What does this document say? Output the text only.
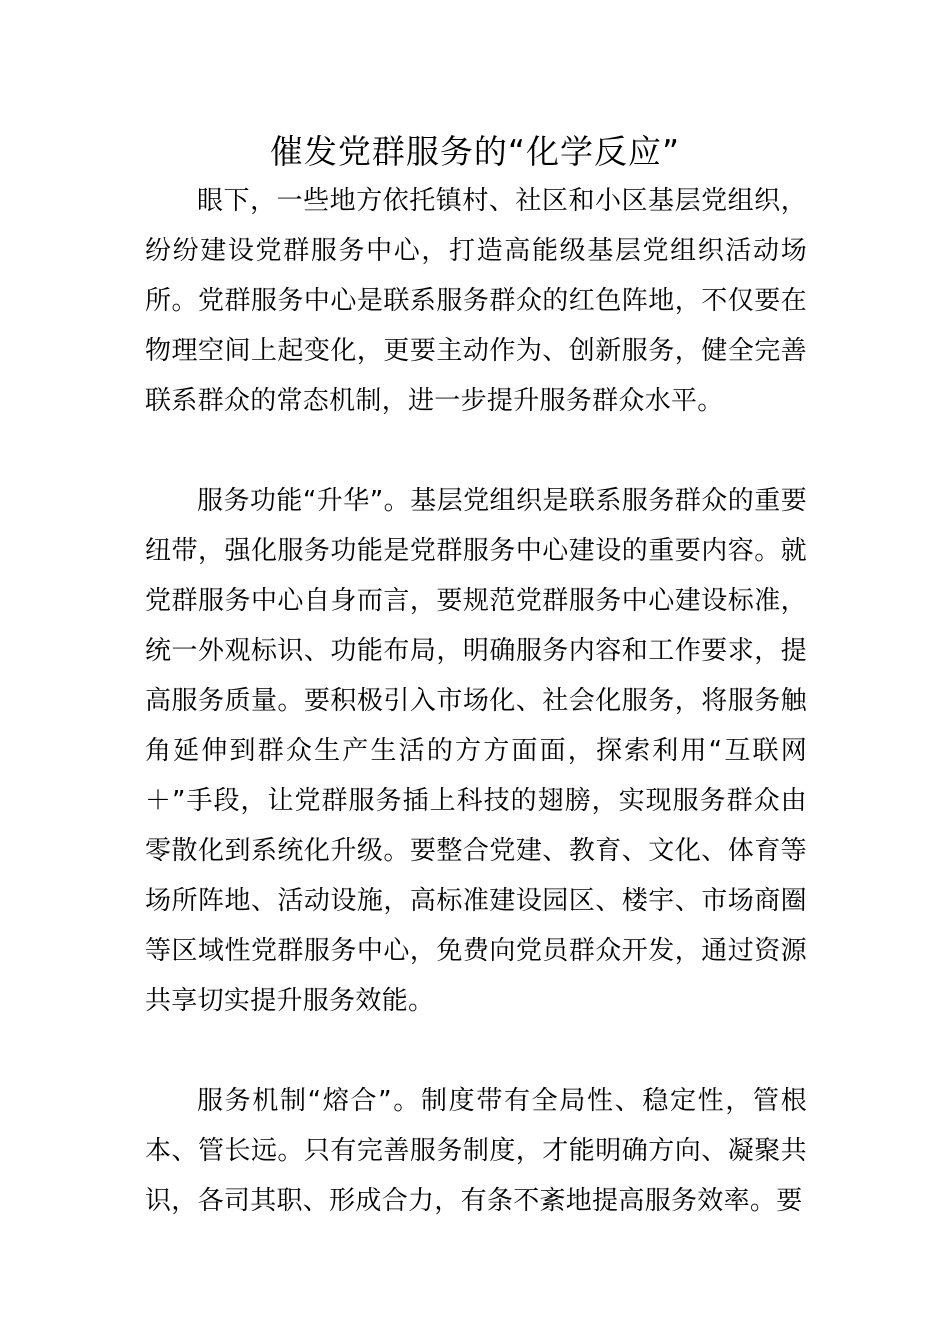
催发党群服务的“化学反应”

眼下，一些地方依托镇村、社区和小区基层党组织，纷纷建设党群服务中心，打造高能级基层党组织活动场所。党群服务中心是联系服务群众的红色阵地，不仅要在物理空间上起变化，更要主动作为、创新服务，健全完善联系群众的常态机制，进一步提升服务群众水平。

服务功能“升华”。基层党组织是联系服务群众的重要纽带，强化服务功能是党群服务中心建设的重要内容。就党群服务中心自身而言，要规范党群服务中心建设标准，统一外观标识、功能布局，明确服务内容和工作要求，提高服务质量。要积极引入市场化、社会化服务，将服务触角延伸到群众生产生活的方方面面，探索利用“互联网＋”手段，让党群服务插上科技的翅膀，实现服务群众由零散化到系统化升级。要整合党建、教育、文化、体育等场所阵地、活动设施，高标准建设园区、楼宇、市场商圈等区域性党群服务中心，免费向党员群众开发，通过资源共享切实提升服务效能。

服务机制“熔合”。制度带有全局性、稳定性，管根本、管长远。只有完善服务制度，才能明确方向、凝聚共识，各司其职、形成合力，有条不紊地提高服务效率。要
